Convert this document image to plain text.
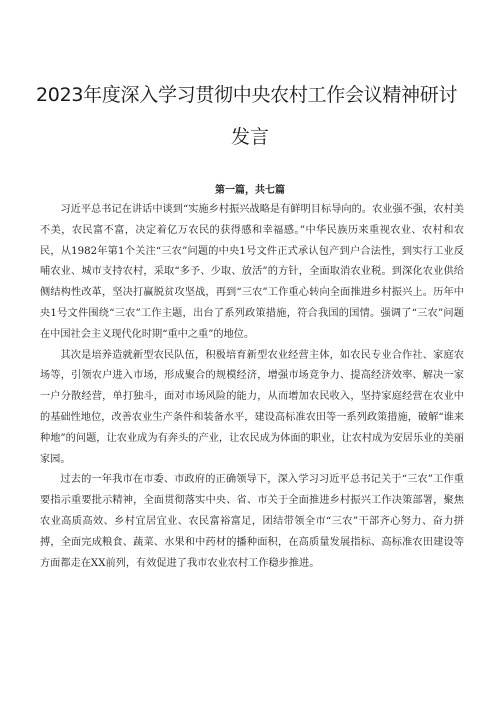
2023年度深入学习贯彻中央农村工作会议精神研讨
发言
第一篇，共七篇

习近平总书记在讲话中谈到“实施乡村振兴战略是有鲜明目标导向的。农业强不强，农村美不美，农民富不富，决定着亿万农民的获得感和幸福感。”中华民族历来重视农业、农村和农民，从1982年第1个关注“三农”问题的中央1号文件正式承认包产到户合法性，到实行工业反哺农业、城市支持农村，采取“多予、少取、放活”的方针，全面取消农业税。到深化农业供给侧结构性改革，坚决打赢脱贫攻坚战，再到“三农”工作重心转向全面推进乡村振兴上。历年中央1号文件围绕“三农”工作主题，出台了系列政策措施，符合我国的国情。强调了“三农”问题在中国社会主义现代化时期“重中之重”的地位。

其次是培养造就新型农民队伍，积极培育新型农业经营主体，如农民专业合作社、家庭农场等，引领农户进入市场，形成聚合的规模经济，增强市场竞争力、提高经济效率、解决一家一户分散经营，单打独斗，面对市场风险的能力，从而增加农民收入，坚持家庭经营在农业中的基础性地位，改善农业生产条件和装备水平，建设高标准农田等一系列政策措施，破解“谁来种地”的问题，让农业成为有奔头的产业，让农民成为体面的职业，让农村成为安居乐业的美丽家园。

过去的一年我市在市委、市政府的正确领导下，深入学习习近平总书记关于“三农”工作重要指示重要批示精神，全面贯彻落实中央、省、市关于全面推进乡村振兴工作决策部署，聚焦农业高质高效、乡村宜居宜业、农民富裕富足，团结带领全市“三农”干部齐心努力、奋力拼搏，全面完成粮食、蔬菜、水果和中药材的播种面积，在高质量发展指标、高标准农田建设等方面都走在XX前列，有效促进了我市农业农村工作稳步推进。
